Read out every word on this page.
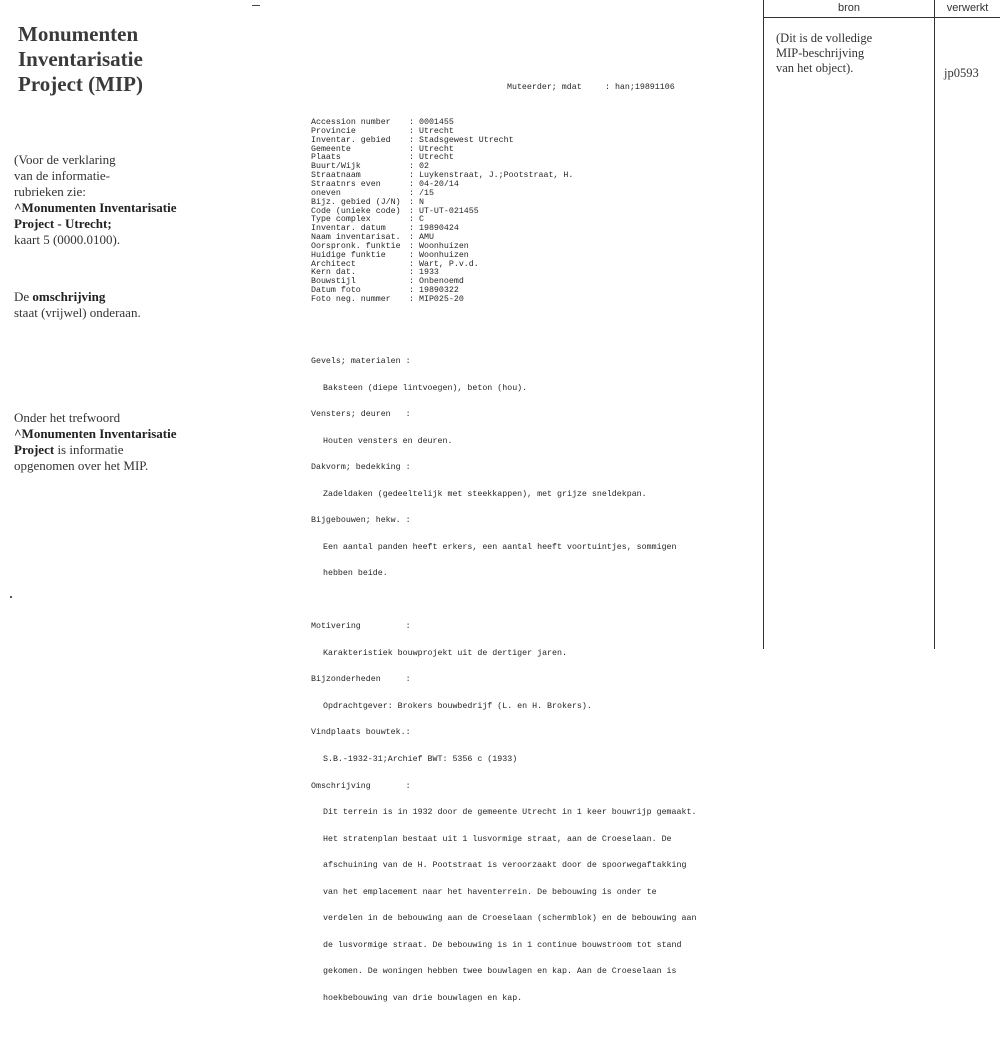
Monumenten
Inventarisatie
Project (MIP)
(Voor de verklaring
van de informatie-
rubrieken zie:
^Monumenten Inventarisatie
Project - Utrecht;
kaart 5 (0000.0100).
De omschrijving
staat (vrijwel) onderaan.
Onder het trefwoord
^Monumenten Inventarisatie
Project is informatie
opgenomen over het MIP.

Muteerder; mdat

	: han;19891106

Accession number	: 0001455
Provincie	: Utrecht
Inventar. gebied	: Stadsgewest Utrecht
Gemeente	: Utrecht
Plaats	: Utrecht
Buurt/Wijk	: 02
Straatnaam	: Luykenstraat, J.;Pootstraat, H.
Straatnrs even	: 04-20/14
oneven	: /15
Bijz. gebied (J/N)	: N
Code (unieke code)	: UT-UT-021455
Type complex	: C
Inventar. datum	: 19890424
Naam inventarisat.	: AMU
Oorspronk. funktie	: Woonhuizen
Huidige funktie	: Woonhuizen
Architect	: Wart, P.v.d.
Kern dat.	: 1933
Bouwstijl	: Onbenoemd
Datum foto	: 19890322
Foto neg. nummer	: MIP025-20

Gevels; materialen :

Baksteen (diepe lintvoegen), beton (hou).

Vensters; deuren   :

Houten vensters en deuren.

Dakvorm; bedekking :

Zadeldaken (gedeeltelijk met steekkappen), met grijze sneldekpan.

Bijgebouwen; hekw. :

Een aantal panden heeft erkers, een aantal heeft voortuintjes, sommigen

hebben beide.

Motivering         :

Karakteristiek bouwprojekt uit de dertiger jaren.

Bijzonderheden     :

Opdrachtgever: Brokers bouwbedrijf (L. en H. Brokers).

Vindplaats bouwtek.:

S.B.-1932-31;Archief BWT: 5356 c (1933)

Omschrijving       :

Dit terrein is in 1932 door de gemeente Utrecht in 1 keer bouwrijp gemaakt.

Het stratenplan bestaat uit 1 lusvormige straat, aan de Croeselaan. De

afschuining van de H. Pootstraat is veroorzaakt door de spoorwegaftakking

van het emplacement naar het haventerrein. De bebouwing is onder te

verdelen in de bebouwing aan de Croeselaan (schermblok) en de bebouwing aan

de lusvormige straat. De bebouwing is in 1 continue bouwstroom tot stand

gekomen. De woningen hebben twee bouwlagen en kap. Aan de Croeselaan is

hoekbebouwing van drie bouwlagen en kap.

bron	verwerkt
(Dit is de volledige
MIP-beschrijving
van het object).	jp0593
